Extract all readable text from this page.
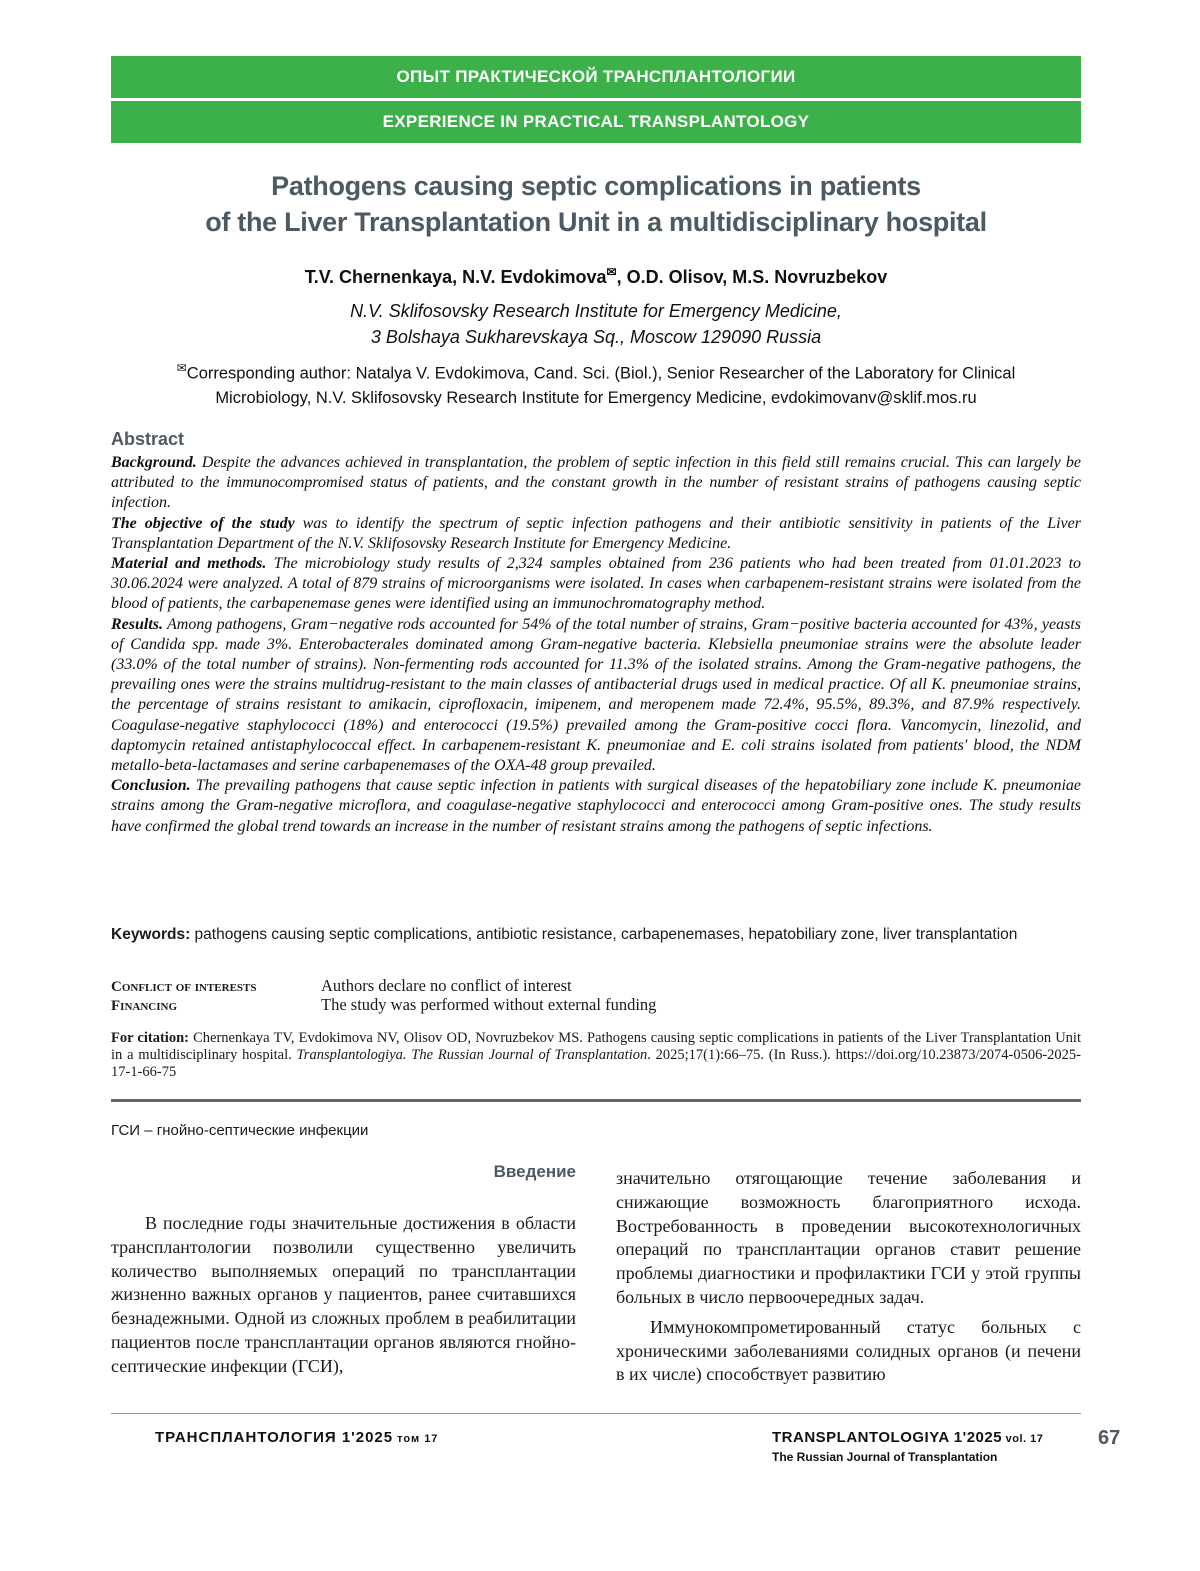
ОПЫТ ПРАКТИЧЕСКОЙ ТРАНСПЛАНТОЛОГИИ
EXPERIENCE IN PRACTICAL TRANSPLANTOLOGY
Pathogens causing septic complications in patients
of the Liver Transplantation Unit in a multidisciplinary hospital
T.V. Chernenkaya, N.V. Evdokimova✉, O.D. Olisov, M.S. Novruzbekov
N.V. Sklifosovsky Research Institute for Emergency Medicine,
3 Bolshaya Sukharevskaya Sq., Moscow 129090 Russia
✉Corresponding author: Natalya V. Evdokimova, Cand. Sci. (Biol.), Senior Researcher of the Laboratory for Clinical
Microbiology, N.V. Sklifosovsky Research Institute for Emergency Medicine, evdokimovanv@sklif.mos.ru
Abstract

Background. Despite the advances achieved in transplantation, the problem of septic infection in this field still remains crucial. This can largely be attributed to the immunocompromised status of patients, and the constant growth in the number of resistant strains of pathogens causing septic infection.

The objective of the study was to identify the spectrum of septic infection pathogens and their antibiotic sensitivity in patients of the Liver Transplantation Department of the N.V. Sklifosovsky Research Institute for Emergency Medicine.

Material and methods. The microbiology study results of 2,324 samples obtained from 236 patients who had been treated from 01.01.2023 to 30.06.2024 were analyzed. A total of 879 strains of microorganisms were isolated. In cases when carbapenem-resistant strains were isolated from the blood of patients, the carbapenemase genes were identified using an immunochromatography method.

Results. Among pathogens, Gram−negative rods accounted for 54% of the total number of strains, Gram−positive bacteria accounted for 43%, yeasts of Candida spp. made 3%. Enterobacterales dominated among Gram-negative bacteria. Klebsiella pneumoniae strains were the absolute leader (33.0% of the total number of strains). Non-fermenting rods accounted for 11.3% of the isolated strains. Among the Gram-negative pathogens, the prevailing ones were the strains multidrug-resistant to the main classes of antibacterial drugs used in medical practice. Of all K. pneumoniae strains, the percentage of strains resistant to amikacin, ciprofloxacin, imipenem, and meropenem made 72.4%, 95.5%, 89.3%, and 87.9% respectively. Coagulase-negative staphylococci (18%) and enterococci (19.5%) prevailed among the Gram-positive cocci flora. Vancomycin, linezolid, and daptomycin retained antistaphylococcal effect. In carbapenem-resistant K. pneumoniae and E. coli strains isolated from patients' blood, the NDM metallo-beta-lactamases and serine carbapenemases of the OXA-48 group prevailed.

Conclusion. The prevailing pathogens that cause septic infection in patients with surgical diseases of the hepatobiliary zone include K. pneumoniae strains among the Gram-negative microflora, and coagulase-negative staphylococci and enterococci among Gram-positive ones. The study results have confirmed the global trend towards an increase in the number of resistant strains among the pathogens of septic infections.

Keywords: pathogens causing septic complications, antibiotic resistance, carbapenemases, hepatobiliary zone, liver transplantation
Conflict of interests	Authors declare no conflict of interest
Financing	The study was performed without external funding
For citation: Chernenkaya TV, Evdokimova NV, Olisov OD, Novruzbekov MS. Pathogens causing septic complications in patients of the Liver Transplantation Unit in a multidisciplinary hospital. Transplantologiya. The Russian Journal of Transplantation. 2025;17(1):66–75. (In Russ.). https://doi.org/10.23873/2074-0506-2025-17-1-66-75
ГСИ – гнойно-септические инфекции
Введение

В последние годы значительные достижения в области трансплантологии позволили существенно увеличить количество выполняемых операций по трансплантации жизненно важных органов у пациентов, ранее считавшихся безнадежными. Одной из сложных проблем в реабилитации пациентов после трансплантации органов являются гнойно-септические инфекции (ГСИ),

значительно отягощающие течение заболевания и снижающие возможность благоприятного исхода. Востребованность в проведении высокотехнологичных операций по трансплантации органов ставит решение проблемы диагностики и профилактики ГСИ у этой группы больных в число первоочередных задач.

Иммунокомпрометированный статус больных с хроническими заболеваниями солидных органов (и печени в их числе) способствует развитию

ТРАНСПЛАНТОЛОГИЯ 1'2025 том 17	TRANSPLANTOLOGIYA 1'2025 vol. 17
The Russian Journal of Transplantation
67
